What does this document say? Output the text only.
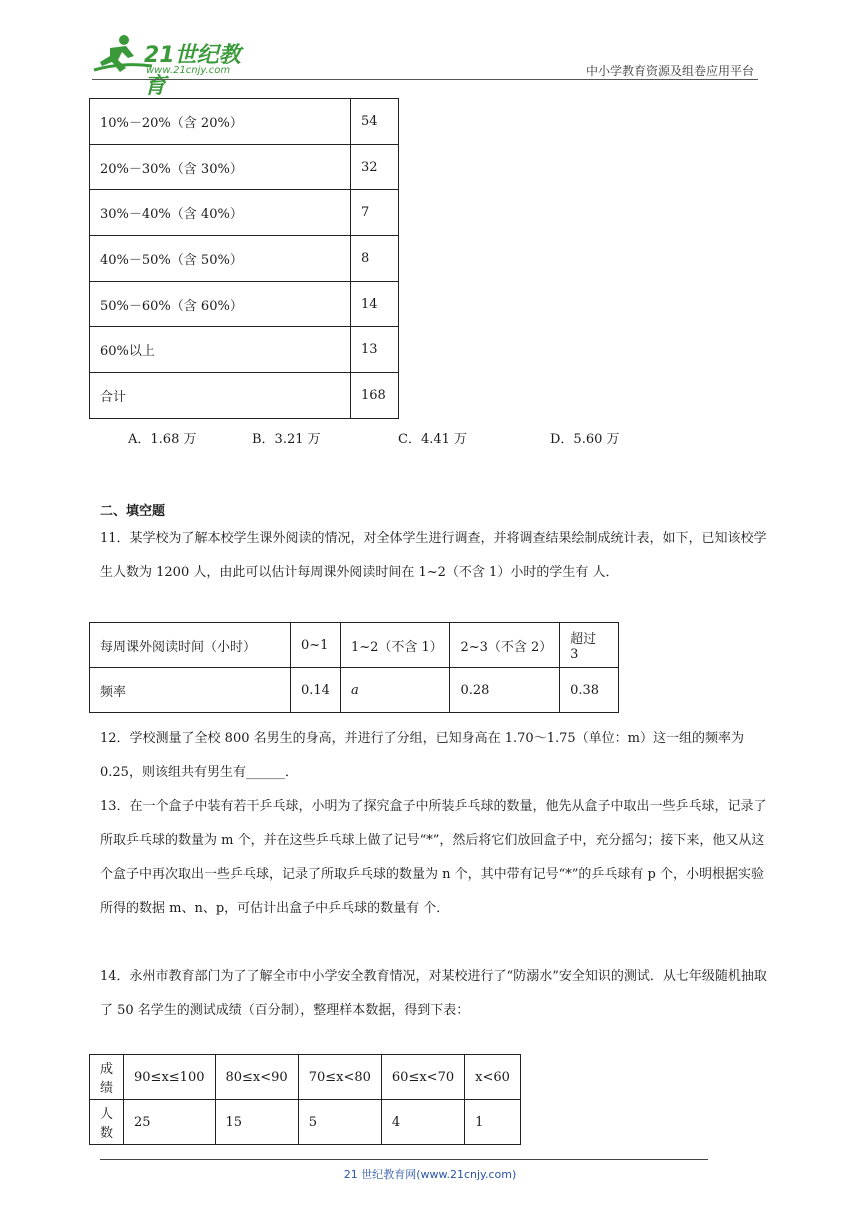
21世纪教育
www.21cnjy.com	中小学教育资源及组卷应用平台
10%－20%（含 20%）	54
20%－30%（含 30%）	32
30%－40%（含 40%）	7
40%－50%（含 50%）	8
50%－60%（含 60%）	14
60%以上	13
合计	168
A．1.68 万	B．3.21 万	C．4.41 万	D．5.60 万
二、填空题

11．某学校为了解本校学生课外阅读的情况，对全体学生进行调查，并将调查结果绘制成统计表，如下，已知该校学生人数为 1200 人，由此可以估计每周课外阅读时间在 1~2（不含 1）小时的学生有 人．

每周课外阅读时间（小时）	0~1	1~2（不含 1）	2~3（不含 2）	超过 3
频率	0.14	a	0.28	0.38

12．学校测量了全校 800 名男生的身高，并进行了分组，已知身高在 1.70～1.75（单位：m）这一组的频率为 0.25，则该组共有男生有______．

13．在一个盒子中装有若干乒乓球，小明为了探究盒子中所装乒乓球的数量，他先从盒子中取出一些乒乓球，记录了所取乒乓球的数量为 m 个，并在这些乒乓球上做了记号“*”，然后将它们放回盒子中，充分摇匀；接下来，他又从这个盒子中再次取出一些乒乓球，记录了所取乒乓球的数量为 n 个，其中带有记号“*”的乒乓球有 p 个，小明根据实验所得的数据 m、n、p，可估计出盒子中乒乓球的数量有 个．

14．永州市教育部门为了了解全市中小学安全教育情况，对某校进行了“防溺水”安全知识的测试．从七年级随机抽取了 50 名学生的测试成绩（百分制），整理样本数据，得到下表：

成绩	90≤x≤100	80≤x<90	70≤x<80	60≤x<70	x<60
人数	25	15	5	4	1
21 世纪教育网(www.21cnjy.com)
